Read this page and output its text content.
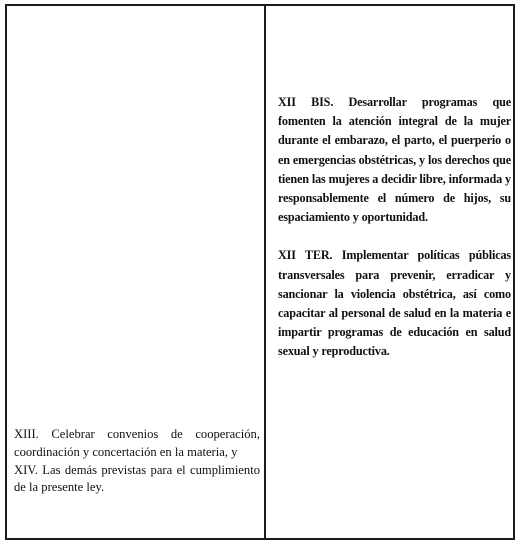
XIII. Celebrar convenios de cooperación, coordinación y concertación en la materia, y

XIV. Las demás previstas para el cumplimiento de la presente ley.

XII BIS. Desarrollar programas que fomenten la atención integral de la mujer durante el embarazo, el parto, el puerperio o en emergencias obstétricas, y los derechos que tienen las mujeres a decidir libre, informada y responsablemente el número de hijos, su espaciamiento y oportunidad.

XII TER. Implementar políticas públicas transversales para prevenir, erradicar y sancionar la violencia obstétrica, así como capacitar al personal de salud en la materia e impartir programas de educación en salud sexual y reproductiva.
